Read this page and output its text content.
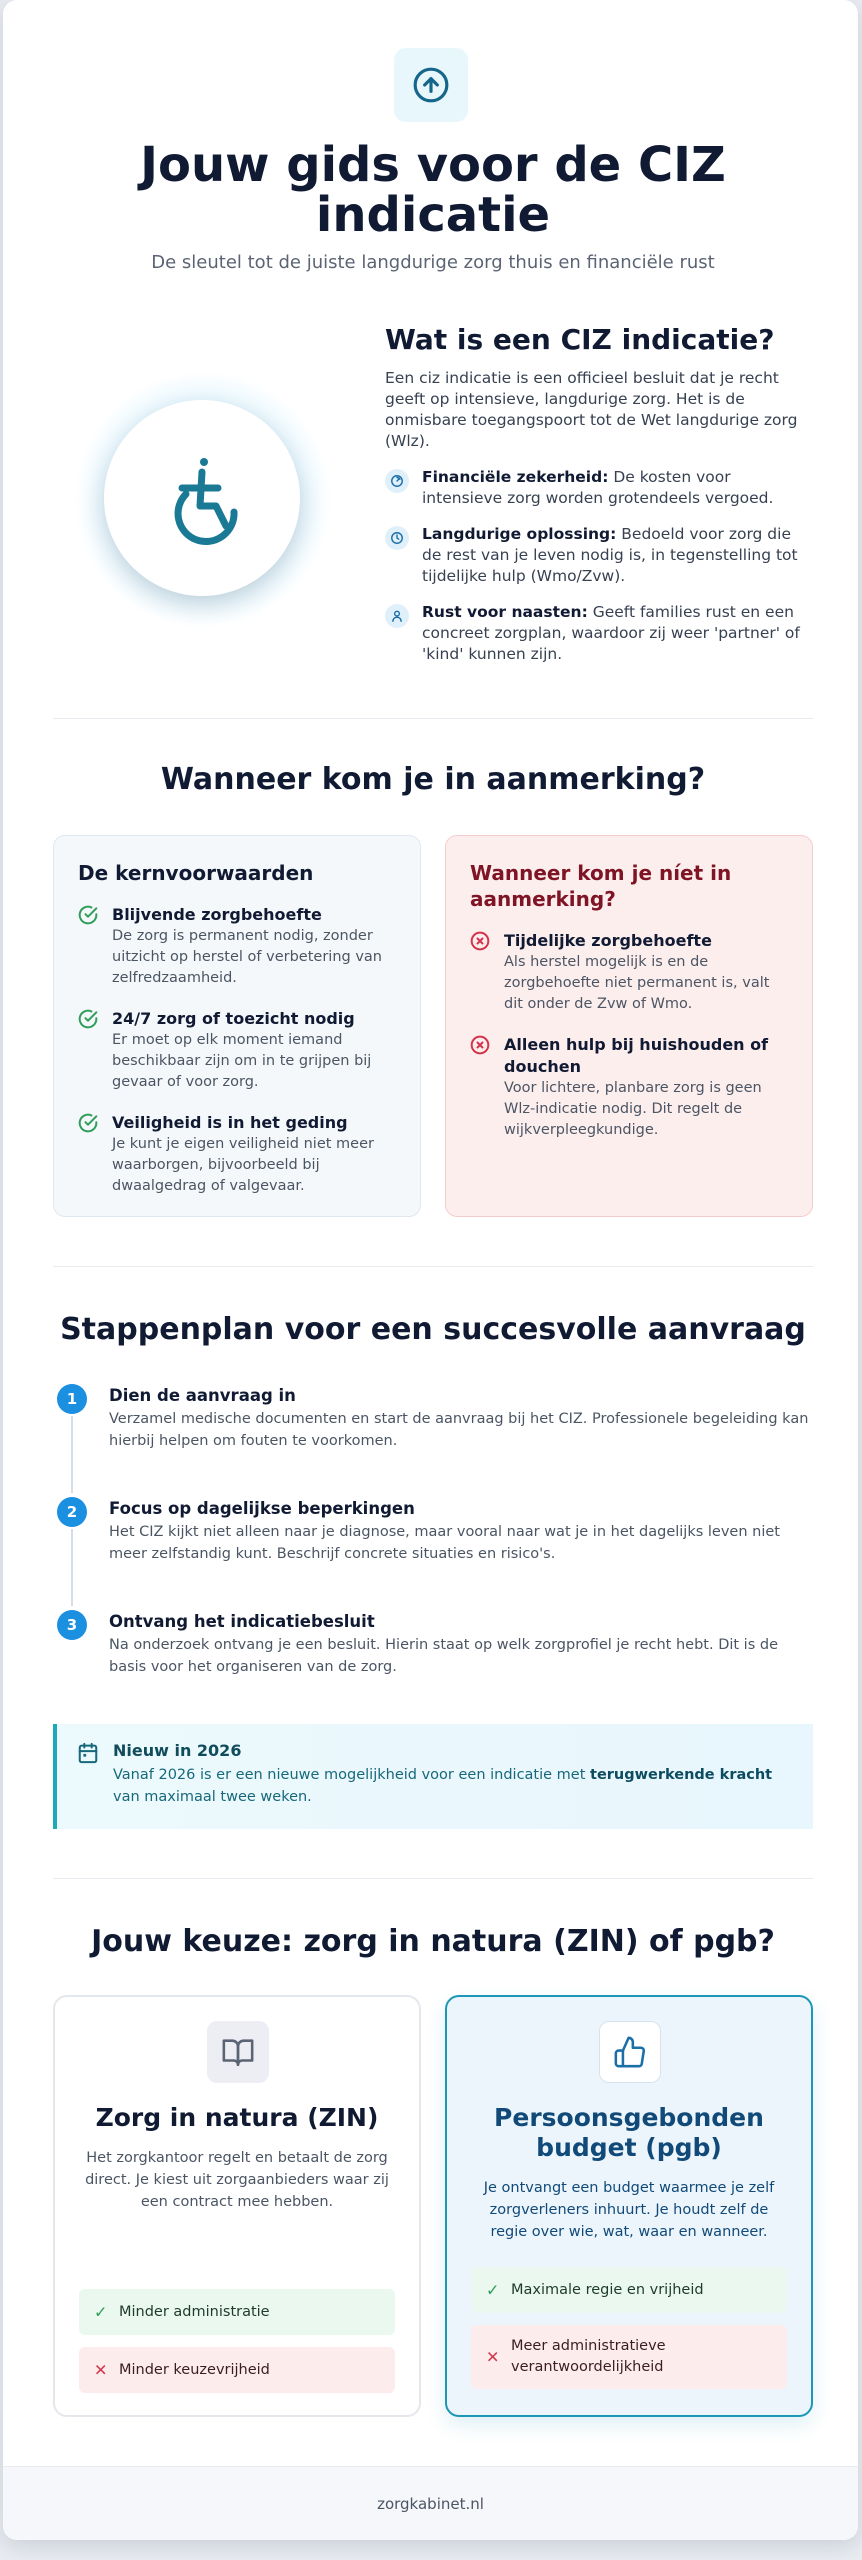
Jouw gids voor de CIZ indicatie

De sleutel tot de juiste langdurige zorg thuis en financiële rust

Wat is een CIZ indicatie?

Een ciz indicatie is een officieel besluit dat je recht geeft op intensieve, langdurige zorg. Het is de onmisbare toegangspoort tot de Wet langdurige zorg (Wlz).

Financiële zekerheid: De kosten voor intensieve zorg worden grotendeels vergoed.
Langdurige oplossing: Bedoeld voor zorg die de rest van je leven nodig is, in tegenstelling tot tijdelijke hulp (Wmo/Zvw).
Rust voor naasten: Geeft families rust en een concreet zorgplan, waardoor zij weer 'partner' of 'kind' kunnen zijn.
Wanneer kom je in aanmerking?
De kernvoorwaarden
Blijvende zorgbehoefte
De zorg is permanent nodig, zonder uitzicht op herstel of verbetering van zelfredzaamheid.
24/7 zorg of toezicht nodig
Er moet op elk moment iemand beschikbaar zijn om in te grijpen bij gevaar of voor zorg.
Veiligheid is in het geding
Je kunt je eigen veiligheid niet meer waarborgen, bijvoorbeeld bij dwaalgedrag of valgevaar.
Wanneer kom je níet in aanmerking?
Tijdelijke zorgbehoefte
Als herstel mogelijk is en de zorgbehoefte niet permanent is, valt dit onder de Zvw of Wmo.
Alleen hulp bij huishouden of douchen
Voor lichtere, planbare zorg is geen Wlz-indicatie nodig. Dit regelt de wijkverpleegkundige.
Stappenplan voor een succesvolle aanvraag
1	Dien de aanvraag in
Verzamel medische documenten en start de aanvraag bij het CIZ. Professionele begeleiding kan hierbij helpen om fouten te voorkomen.
2	Focus op dagelijkse beperkingen
Het CIZ kijkt niet alleen naar je diagnose, maar vooral naar wat je in het dagelijks leven niet meer zelfstandig kunt. Beschrijf concrete situaties en risico's.
3	Ontvang het indicatiebesluit
Na onderzoek ontvang je een besluit. Hierin staat op welk zorgprofiel je recht hebt. Dit is de basis voor het organiseren van de zorg.
Nieuw in 2026
Vanaf 2026 is er een nieuwe mogelijkheid voor een indicatie met terugwerkende kracht van maximaal twee weken.
Jouw keuze: zorg in natura (ZIN) of pgb?
Zorg in natura (ZIN)
Het zorgkantoor regelt en betaalt de zorg direct. Je kiest uit zorgaanbieders waar zij een contract mee hebben.
✓ Minder administratie
✕ Minder keuzevrijheid
Persoonsgebonden budget (pgb)
Je ontvangt een budget waarmee je zelf zorgverleners inhuurt. Je houdt zelf de regie over wie, wat, waar en wanneer.
✓ Maximale regie en vrijheid
✕
Meer administratieve verantwoordelijkheid
zorgkabinet.nl
